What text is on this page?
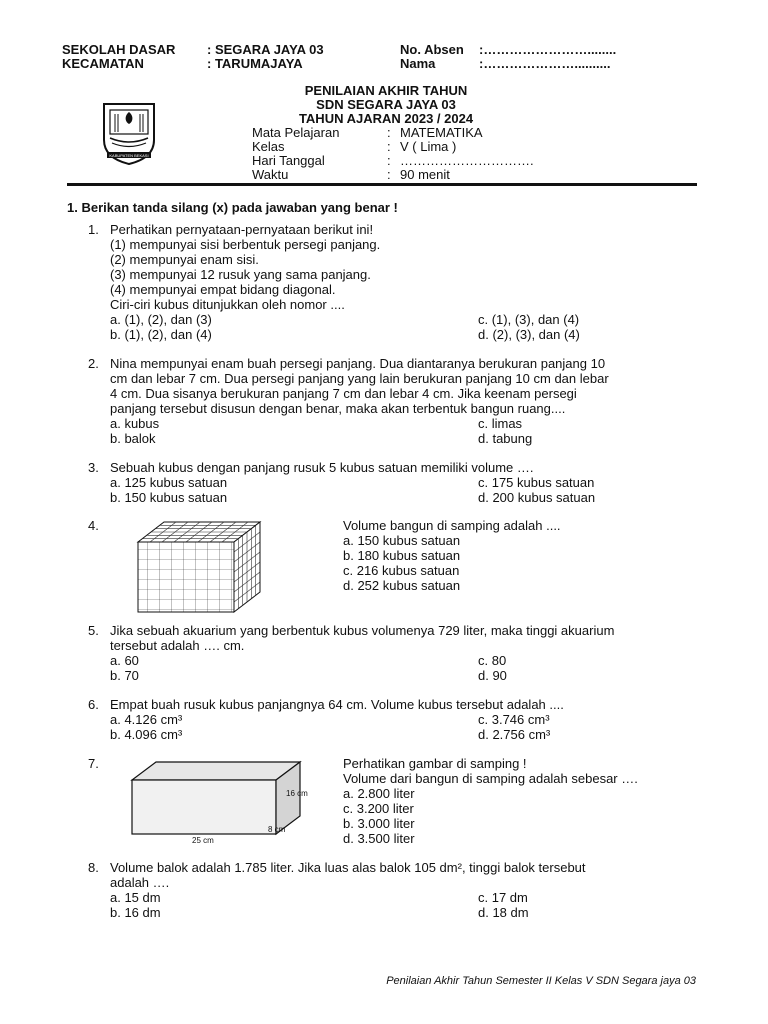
SEKOLAH DASAR : SEGARA JAYA 03
KECAMATAN	: TARUMAJAYA
No. Absen :……………………........
Nama	:…………………..........
PENILAIAN AKHIR TAHUN
SDN SEGARA JAYA 03
TAHUN AJARAN 2023 / 2024
KABUPATEN BEKASI
Mata Pelajaran	: MATEMATIKA
Kelas	: V ( Lima )
Hari Tanggal	: ………………………….
Waktu	: 90 menit
1. Berikan tanda silang (x) pada jawaban yang benar !
1. Perhatikan pernyataan-pernyataan berikut ini!
(1) mempunyai sisi berbentuk persegi panjang.
(2) mempunyai enam sisi.
(3) mempunyai 12 rusuk yang sama panjang.
(4) mempunyai empat bidang diagonal.
Ciri-ciri kubus ditunjukkan oleh nomor ....
a. (1), (2), dan (3)	c. (1), (3), dan (4)
b. (1), (2), dan (4)	d. (2), (3), dan (4)
2. Nina mempunyai enam buah persegi panjang. Dua diantaranya berukuran panjang 10
cm dan lebar 7 cm. Dua persegi panjang yang lain berukuran panjang 10 cm dan lebar
4 cm. Dua sisanya berukuran panjang 7 cm dan lebar 4 cm. Jika keenam persegi
panjang tersebut disusun dengan benar, maka akan terbentuk bangun ruang....
a. kubus	c. limas
b. balok	d. tabung
3. Sebuah kubus dengan panjang rusuk 5 kubus satuan memiliki volume ….
a. 125 kubus satuan	c. 175 kubus satuan
b. 150 kubus satuan	d. 200 kubus satuan
4.	Volume bangun di samping adalah ....
a. 150 kubus satuan
b. 180 kubus satuan
c. 216 kubus satuan
d. 252 kubus satuan
5. Jika sebuah akuarium yang berbentuk kubus volumenya 729 liter, maka tinggi akuarium
tersebut adalah …. cm.
a. 60	c. 80
b. 70	d. 90
6. Empat buah rusuk kubus panjangnya 64 cm. Volume kubus tersebut adalah ....
a. 4.126 cm³	c. 3.746 cm³
b. 4.096 cm³	d. 2.756 cm³
7.
16 cm
8 cm
25 cm
Perhatikan gambar di samping !
Volume dari bangun di samping adalah sebesar ….
a. 2.800 liter
c. 3.200 liter
b. 3.000 liter
d. 3.500 liter
8. Volume balok adalah 1.785 liter. Jika luas alas balok 105 dm², tinggi balok tersebut
adalah ….
a. 15 dm	c. 17 dm
b. 16 dm	d. 18 dm
Penilaian Akhir Tahun Semester II Kelas V SDN Segara jaya 03
